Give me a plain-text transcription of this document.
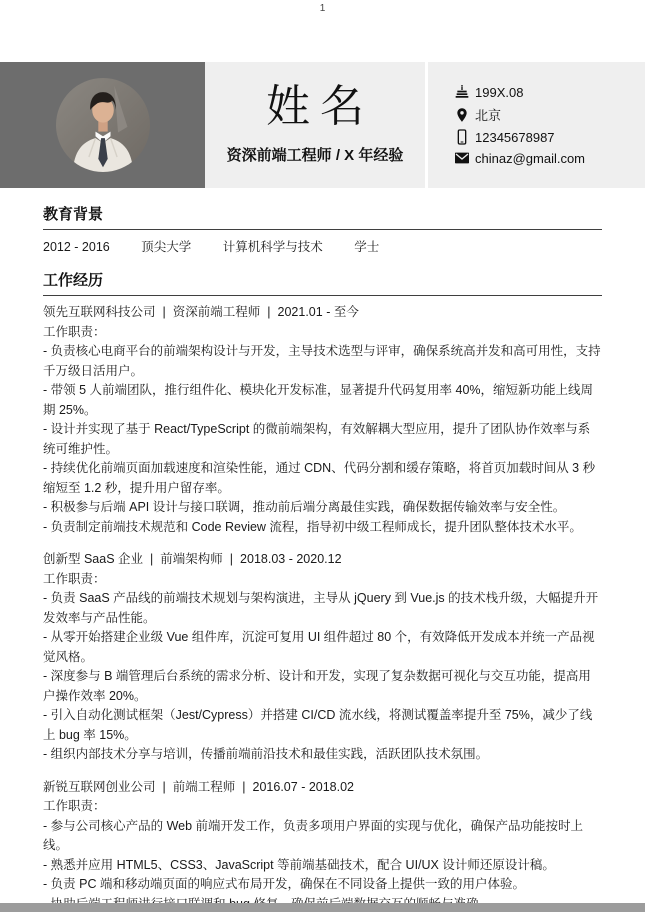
1
姓名
资深前端工程师 / X 年经验
199X.08
北京
12345678987
chinaz@gmail.com
教育背景
2012 - 2016	顶尖大学	计算机科学与技术	学士
工作经历
领先互联网科技公司 | 资深前端工程师 | 2021.01 - 至今
工作职责：

- 负责核心电商平台的前端架构设计与开发，主导技术选型与评审，确保系统高并发和高可用性，支持千万级日活用户。

- 带领 5 人前端团队，推行组件化、模块化开发标准，显著提升代码复用率 40%，缩短新功能上线周期 25%。

- 设计并实现了基于 React/TypeScript 的微前端架构，有效解耦大型应用，提升了团队协作效率与系统可维护性。

- 持续优化前端页面加载速度和渲染性能，通过 CDN、代码分割和缓存策略，将首页加载时间从 3 秒缩短至 1.2 秒，提升用户留存率。

- 积极参与后端 API 设计与接口联调，推动前后端分离最佳实践，确保数据传输效率与安全性。

- 负责制定前端技术规范和 Code Review 流程，指导初中级工程师成长，提升团队整体技术水平。

创新型 SaaS 企业 | 前端架构师 | 2018.03 - 2020.12
工作职责：

- 负责 SaaS 产品线的前端技术规划与架构演进，主导从 jQuery 到 Vue.js 的技术栈升级，大幅提升开发效率与产品性能。

- 从零开始搭建企业级 Vue 组件库，沉淀可复用 UI 组件超过 80 个，有效降低开发成本并统一产品视觉风格。

- 深度参与 B 端管理后台系统的需求分析、设计和开发，实现了复杂数据可视化与交互功能，提高用户操作效率 20%。

- 引入自动化测试框架（Jest/Cypress）并搭建 CI/CD 流水线，将测试覆盖率提升至 75%，减少了线上 bug 率 15%。

- 组织内部技术分享与培训，传播前端前沿技术和最佳实践，活跃团队技术氛围。

新锐互联网创业公司 | 前端工程师 | 2016.07 - 2018.02
工作职责：

- 参与公司核心产品的 Web 前端开发工作，负责多项用户界面的实现与优化，确保产品功能按时上线。

- 熟悉并应用 HTML5、CSS3、JavaScript 等前端基础技术，配合 UI/UX 设计师还原设计稿。

- 负责 PC 端和移动端页面的响应式布局开发，确保在不同设备上提供一致的用户体验。
